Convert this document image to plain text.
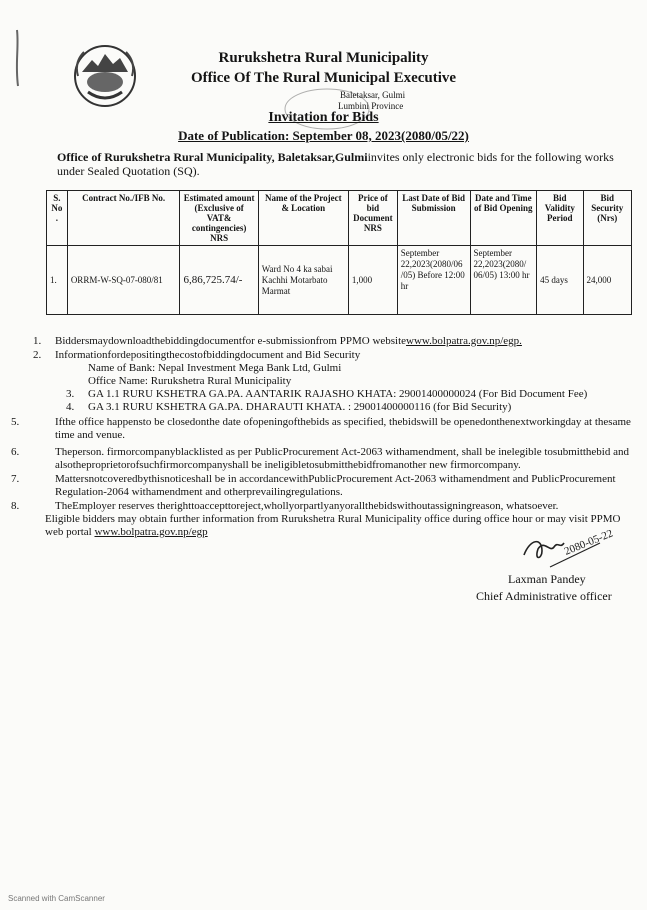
Rurukshetra Rural Municipality
Office Of The Rural Municipal Executive
Baletaksar, Gulmi
Lumbini Province
Invitation for Bids
Date of Publication: September 08, 2023(2080/05/22)
Office of Rurukshetra Rural Municipality, Baletaksar,Gulmiinvites only electronic bids for the following works under Sealed Quotation (SQ).
S. No .	Contract No./IFB No.	Estimated amount (Exclusive of VAT& contingencies) NRS	Name of the Project & Location	Price of bid Document NRS	Last Date of Bid Submission	Date and Time of Bid Opening	Bid Validity Period	Bid Security (Nrs)
1.	ORRM-W-SQ-07-080/81	6,86,725.74/-	Ward No 4 ka sabai Kachhi Motarbato Marmat	1,000	September 22,2023(2080/06 /05) Before 12:00 hr	September 22,2023(2080/ 06/05) 13:00 hr	45 days	24,000
1. Biddersmaydownloadthebiddingdocumentfor e-submissionfrom PPMO websitewww.bolpatra.gov.np/egp.
2. Informationfordepositingthecostofbiddingdocument and Bid Security
Name of Bank: Nepal Investment Mega Bank Ltd, Gulmi
Office Name: Rurukshetra Rural Municipality
3. GA 1.1 RURU KSHETRA GA.PA. AANTARIK RAJASHO KHATA: 29001400000024 (For Bid Document Fee)
4. GA 3.1 RURU KSHETRA GA.PA. DHARAUTI KHATA. : 29001400000116 (for Bid Security)
5.	Ifthe office happensto be closedonthe date ofopeningofthebids as specified, thebidswill be openedonthenextworkingday at thesame time and venue.
6.	Theperson. firmorcompanyblacklisted as per PublicProcurement Act-2063 withamendment, shall be inelegible tosubmitthebid and alsotheproprietorofsuchfirmorcompanyshall be ineligibletosubmitthebidfromanother new firmorcompany.
7.	Mattersnotcoveredbythisnoticeshall be in accordancewithPublicProcurement Act-2063 withamendment and PublicProcurement Regulation-2064 withamendment and otherprevailingregulations.
8.	TheEmployer reserves therighttoaccepttoreject,whollyorpartlyanyorallthebidswithoutassigningreason, whatsoever.
Eligible bidders may obtain further information from Rurukshetra Rural Municipality office during office hour or may visit PPMO web portal www.bolpatra.gov.np/egp	2080-05-22
Laxman Pandey
Chief Administrative officer
Scanned with CamScanner
